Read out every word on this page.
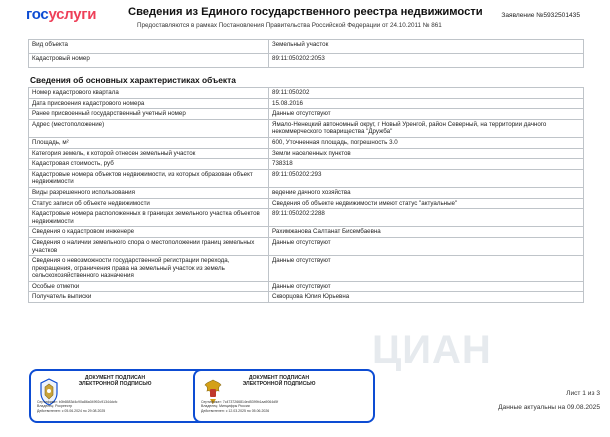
госуслуги	Сведения из Единого государственного реестра недвижимости
Предоставляются в рамках Постановления Правительства Российской Федерации от 24.10.2011 № 861
Заявление №5932501435
ЦИАН
Вид объекта	Земельный участок
Кадастровый номер	89:11:050202:2053
Сведения об основных характеристиках объекта
Номер кадастрового квартала	89:11:050202
Дата присвоения кадастрового номера	15.08.2016
Ранее присвоенный государственный учетный номер	Данные отсутствуют
Адрес (местоположение)	Ямало-Ненецкий автономный округ, г Новый Уренгой, район Северный, на территории дачного некоммерческого товарищества "Дружба"
Площадь, м²	600, Уточненная площадь, погрешность 3.0
Категория земель, к которой отнесен земельный участок	Земли населенных пунктов
Кадастровая стоимость, руб	738318
Кадастровые номера объектов недвижимости, из которых образован объект недвижимости	89:11:050202:293
Виды разрешенного использования	ведение дачного хозяйства
Статус записи об объекте недвижимости	Сведения об объекте недвижимости имеют статус "актуальные"
Кадастровые номера расположенных в границах земельного участка объектов недвижимости	89:11:050202:2288
Сведения о кадастровом инженере	Рахимжанова Салтанат Бисембаевна
Сведения о наличии земельного спора о местоположении границ земельных участков	Данные отсутствуют
Сведения о невозможности государственной регистрации перехода, прекращения, ограничения права на земельный участок из земель сельскохозяйственного назначения	Данные отсутствуют
Особые отметки	Данные отсутствуют
Получатель выписки	Скворцова Юлия Юрьевна
ДОКУМЕНТ ПОДПИСАН ЭЛЕКТРОННОЙ ПОДПИСЬЮ
Сертификат: b0b6583d4c90a86a04992c91344dcfc
Владелец: Росреестр
Действителен: с 05.06.2024 по 29.08.2025
ДОКУМЕНТ ПОДПИСАН ЭЛЕКТРОННОЙ ПОДПИСЬЮ
Сертификат: 7c4737266814ed5399b1aa9064d5f
Владелец: Минцифры России
Действителен: с 12.03.2025 по 05.06.2026
Лист 1 из 3
Данные актуальны на 09.08.2025
